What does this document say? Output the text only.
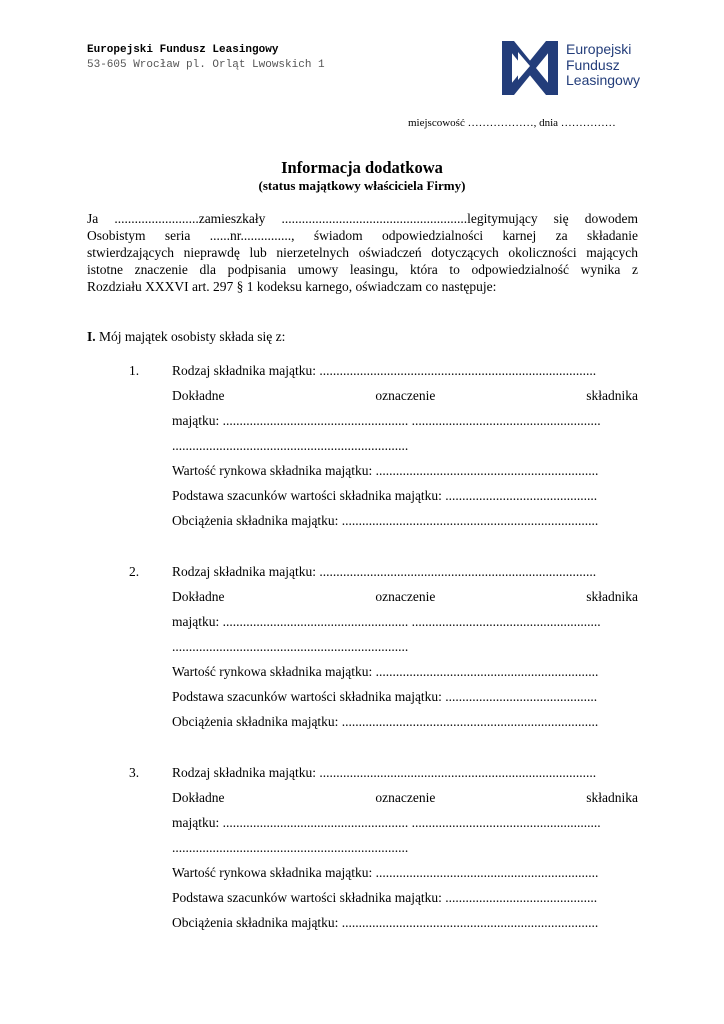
Europejski Fundusz Leasingowy
53-605 Wrocław pl. Orląt Lwowskich 1
Europejski
Fundusz
Leasingowy
miejscowość ………………, dnia ……………
Informacja dodatkowa
(status majątkowy właściciela Firmy)
Ja .........................zamieszkały .......................................................legitymujący się dowodem
Osobistym seria ......nr..............., świadom odpowiedzialności karnej za składanie
stwierdzających nieprawdę lub nierzetelnych oświadczeń dotyczących okoliczności mających
istotne znaczenie dla podpisania umowy leasingu, która to odpowiedzialność wynika z
Rozdziału XXXVI art. 297 § 1 kodeksu karnego, oświadczam co następuje:
I. Mój majątek osobisty składa się z:
1. Rodzaj składnika majątku: ..................................................................................
Dokładne	oznaczenie	składnika
majątku: ....................................................... ........................................................
......................................................................
Wartość rynkowa składnika majątku: ..................................................................
Podstawa szacunków wartości składnika majątku: .............................................
Obciążenia składnika majątku: ............................................................................
2. Rodzaj składnika majątku: ..................................................................................
Dokładne	oznaczenie	składnika
majątku: ....................................................... ........................................................
......................................................................
Wartość rynkowa składnika majątku: ..................................................................
Podstawa szacunków wartości składnika majątku: .............................................
Obciążenia składnika majątku: ............................................................................
3. Rodzaj składnika majątku: ..................................................................................
Dokładne	oznaczenie	składnika
majątku: ....................................................... ........................................................
......................................................................
Wartość rynkowa składnika majątku: ..................................................................
Podstawa szacunków wartości składnika majątku: .............................................
Obciążenia składnika majątku: ............................................................................
